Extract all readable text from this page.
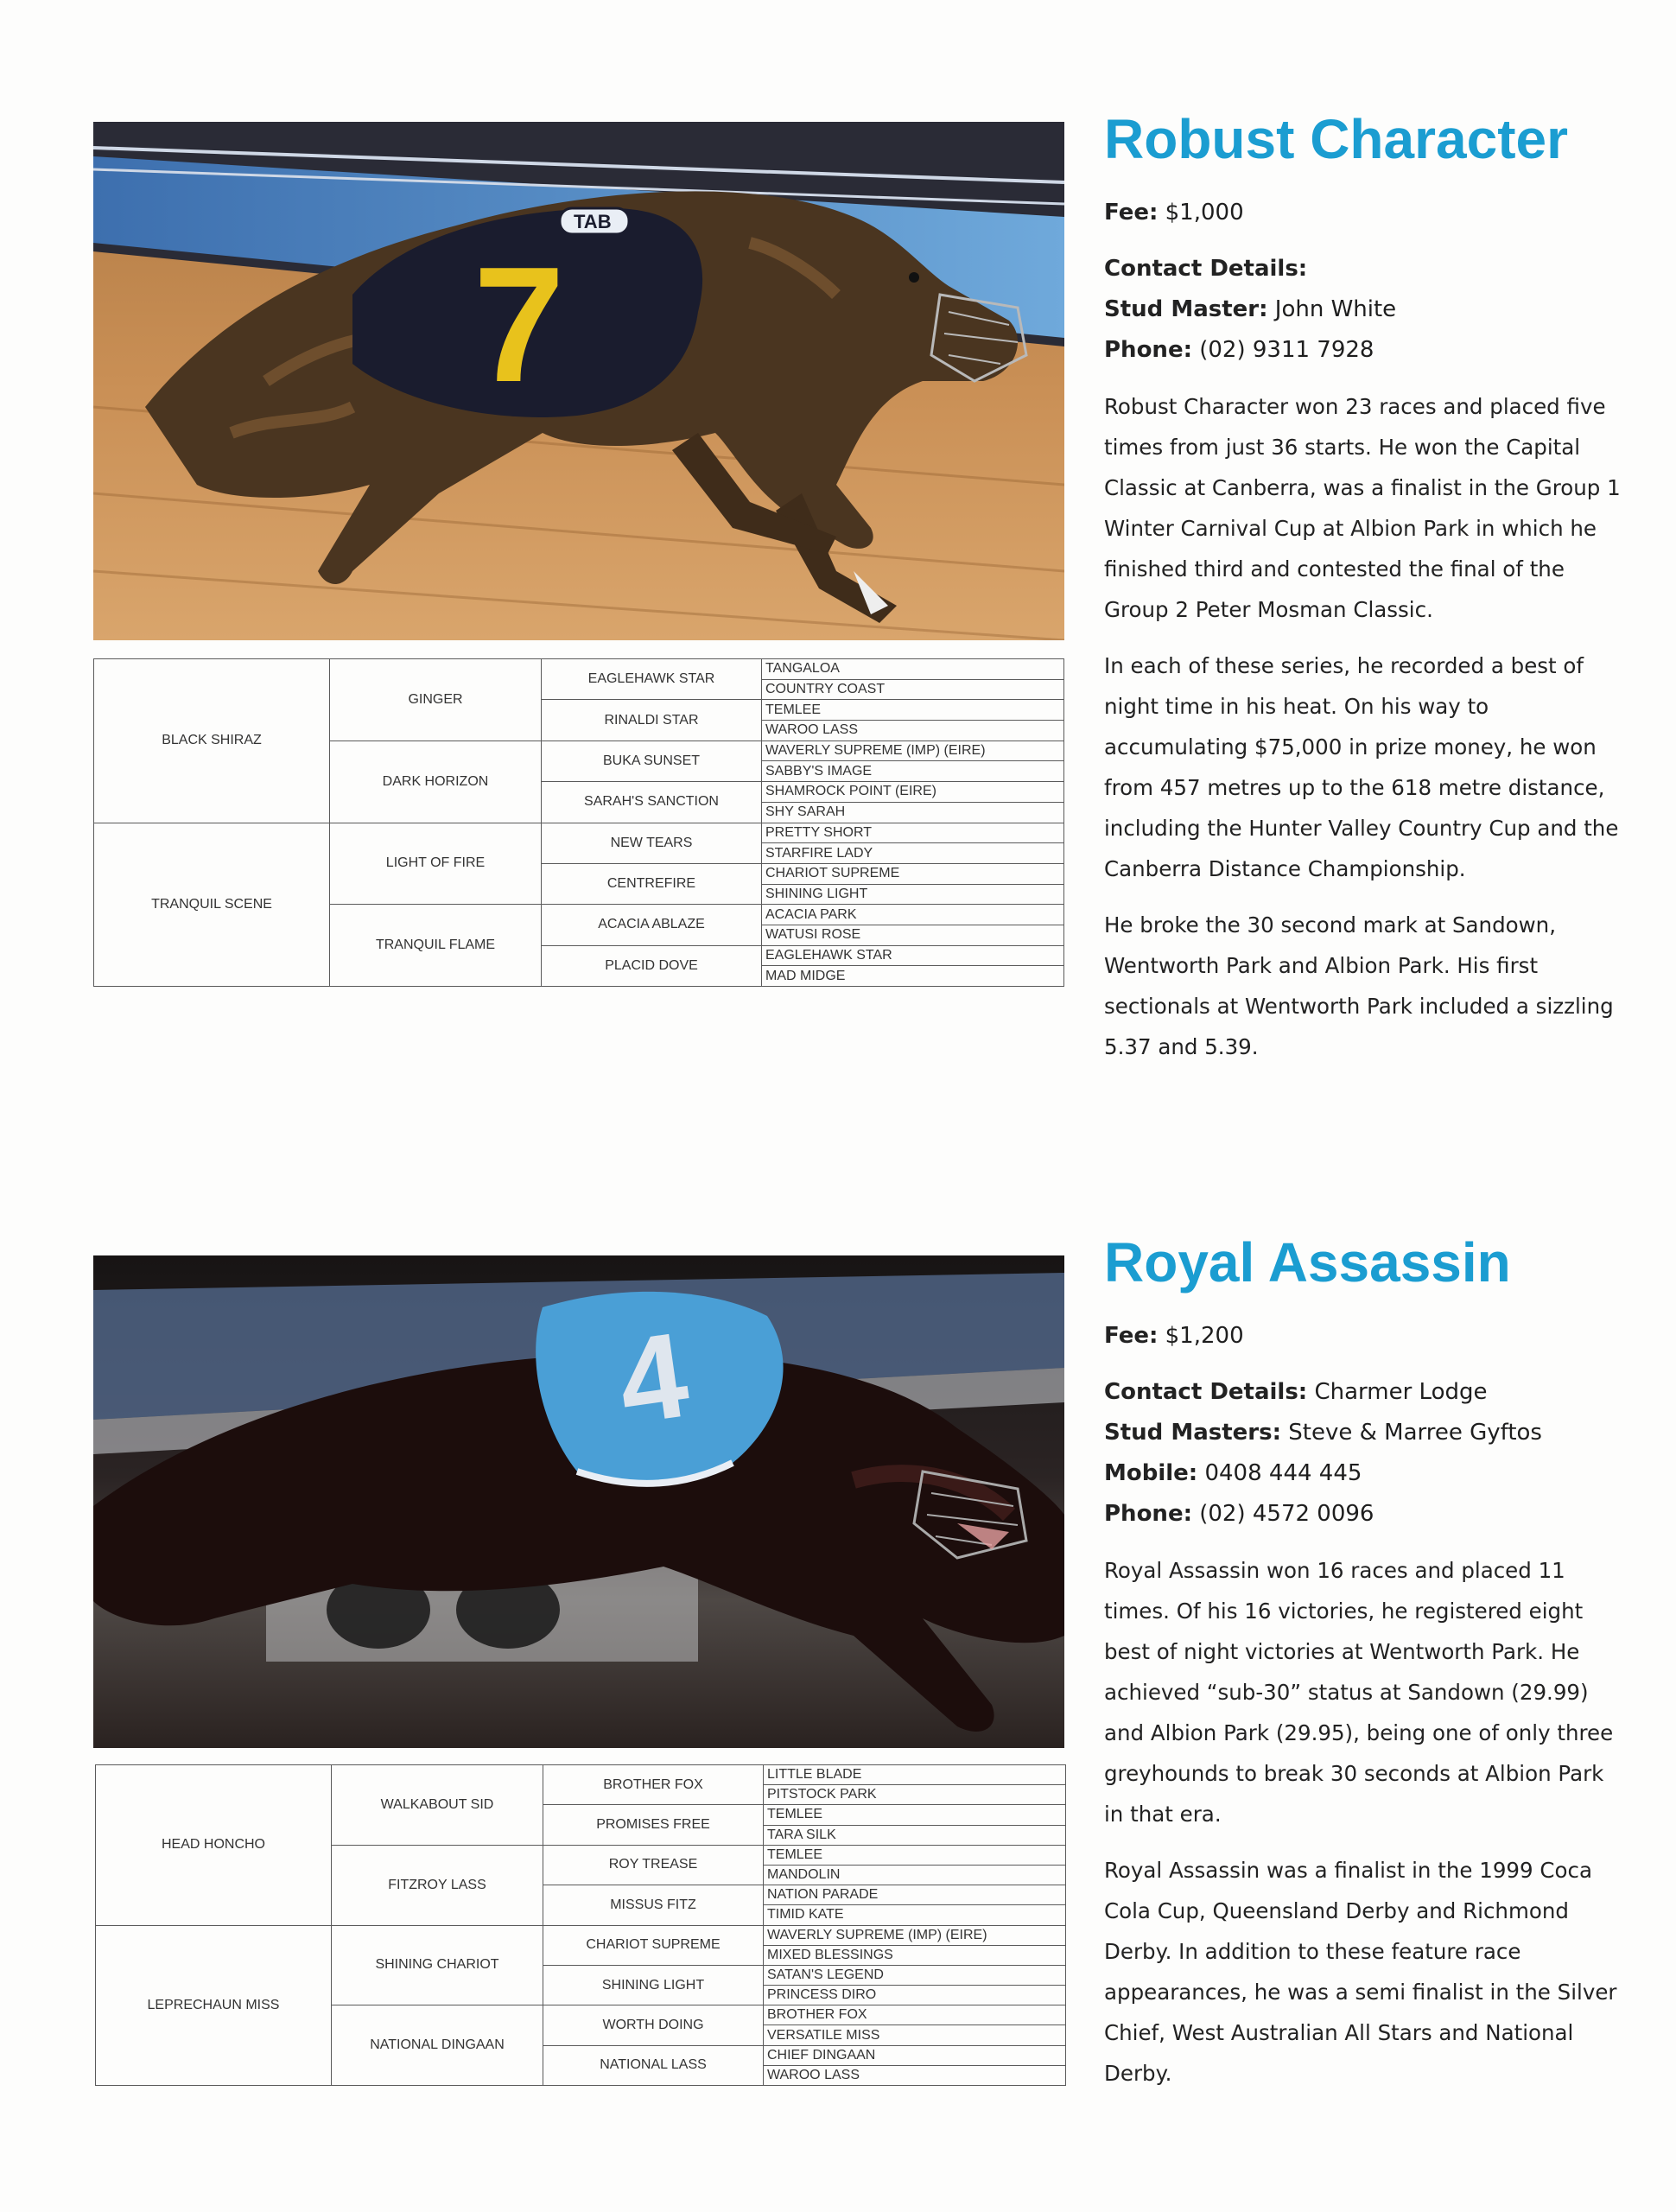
7
TAB
BLACK SHIRAZ	GINGER	EAGLEHAWK STAR	TANGALOA
			COUNTRY COAST
		RINALDI STAR	TEMLEE
			WAROO LASS
	DARK HORIZON	BUKA SUNSET	WAVERLY SUPREME (IMP) (EIRE)
			SABBY'S IMAGE
		SARAH'S SANCTION	SHAMROCK POINT (EIRE)
			SHY SARAH
TRANQUIL SCENE	LIGHT OF FIRE	NEW TEARS	PRETTY SHORT
			STARFIRE LADY
		CENTREFIRE	CHARIOT SUPREME
			SHINING LIGHT
	TRANQUIL FLAME	ACACIA ABLAZE	ACACIA PARK
			WATUSI ROSE
		PLACID DOVE	EAGLEHAWK STAR
			MAD MIDGE
Robust Character

Fee: $1,000

Contact Details:

Stud Master: John White

Phone: (02) 9311 7928

Robust Character won 23 races and placed five times from just 36 starts. He won the Capital Classic at Canberra, was a finalist in the Group 1 Winter Carnival Cup at Albion Park in which he finished third and contested the final of the Group 2 Peter Mosman Classic.

In each of these series, he recorded a best of night time in his heat. On his way to accumulating $75,000 in prize money, he won from 457 metres up to the 618 metre distance, including the Hunter Valley Country Cup and the Canberra Distance Championship.

He broke the 30 second mark at Sandown, Wentworth Park and Albion Park. His first sectionals at Wentworth Park included a sizzling 5.37 and 5.39.

4
HEAD HONCHO	WALKABOUT SID	BROTHER FOX	LITTLE BLADE
			PITSTOCK PARK
		PROMISES FREE	TEMLEE
			TARA SILK
	FITZROY LASS	ROY TREASE	TEMLEE
			MANDOLIN
		MISSUS FITZ	NATION PARADE
			TIMID KATE
LEPRECHAUN MISS	SHINING CHARIOT	CHARIOT SUPREME	WAVERLY SUPREME (IMP) (EIRE)
			MIXED BLESSINGS
		SHINING LIGHT	SATAN'S LEGEND
			PRINCESS DIRO
	NATIONAL DINGAAN	WORTH DOING	BROTHER FOX
			VERSATILE MISS
		NATIONAL LASS	CHIEF DINGAAN
			WAROO LASS
Royal Assassin

Fee: $1,200

Contact Details: Charmer Lodge

Stud Masters: Steve & Marree Gyftos

Mobile: 0408 444 445

Phone: (02) 4572 0096

Royal Assassin won 16 races and placed 11 times. Of his 16 victories, he registered eight best of night victories at Wentworth Park. He achieved “sub-30” status at Sandown (29.99) and Albion Park (29.95), being one of only three greyhounds to break 30 seconds at Albion Park in that era.

Royal Assassin was a finalist in the 1999 Coca Cola Cup, Queensland Derby and Richmond Derby. In addition to these feature race appearances, he was a semi finalist in the Silver Chief, West Australian All Stars and National Derby.
